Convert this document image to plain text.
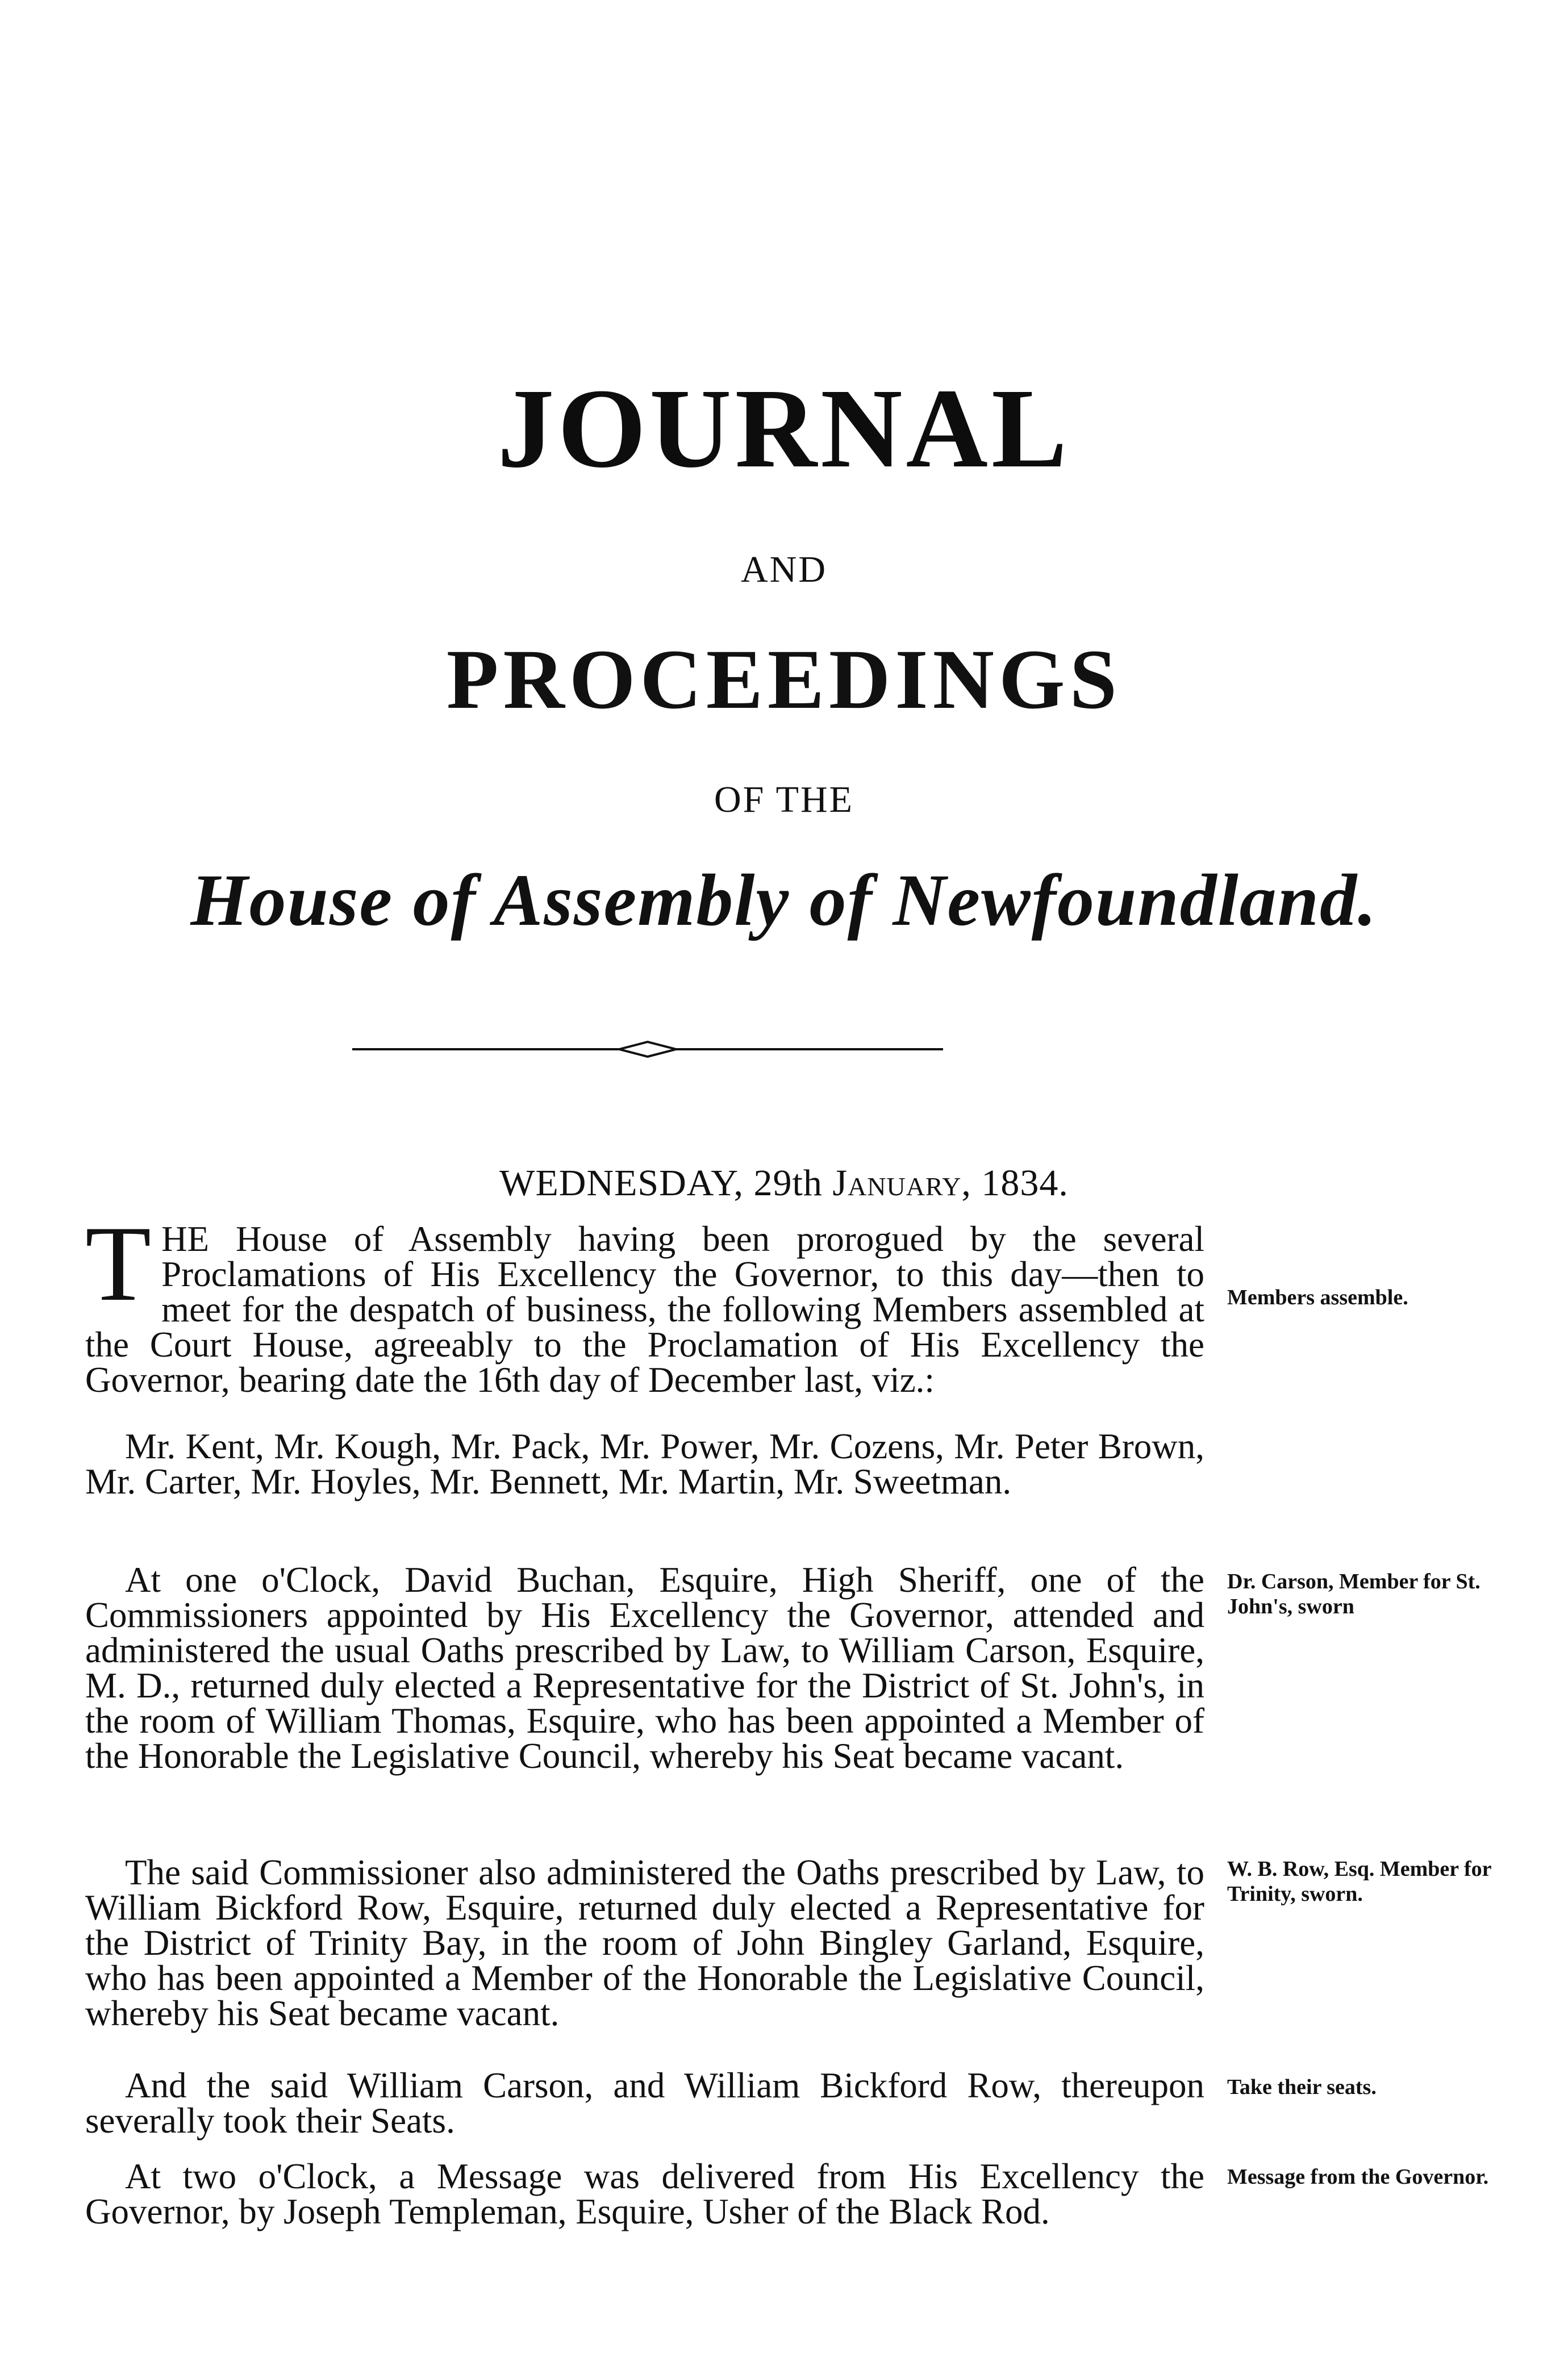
JOURNAL
AND
PROCEEDINGS
OF THE
House of Assembly of Newfoundland.
WEDNESDAY, 29th January, 1834.
T HE House of Assembly having been prorogued by the several Proclamations of His Excellency the Governor, to this day—then to meet for the despatch of business, the following Members assembled at the Court House, agreeably to the Proclamation of His Excellency the Governor, bearing date the 16th day of December last, viz.:
Mr. Kent, Mr. Kough, Mr. Pack, Mr. Power, Mr. Cozens, Mr. Peter Brown, Mr. Carter, Mr. Hoyles, Mr. Bennett, Mr. Martin, Mr. Sweetman.
At one o'Clock, David Buchan, Esquire, High Sheriff, one of the Commissioners appointed by His Excellency the Governor, attended and administered the usual Oaths prescribed by Law, to William Carson, Esquire, M. D., returned duly elected a Representative for the District of St. John's, in the room of William Thomas, Esquire, who has been appointed a Member of the Honorable the Legislative Council, whereby his Seat became vacant.
The said Commissioner also administered the Oaths prescribed by Law, to William Bickford Row, Esquire, returned duly elected a Representative for the District of Trinity Bay, in the room of John Bingley Garland, Esquire, who has been appointed a Member of the Honorable the Legislative Council, whereby his Seat became vacant.
And the said William Carson, and William Bickford Row, thereupon severally took their Seats.
At two o'Clock, a Message was delivered from His Excellency the Governor, by Joseph Templeman, Esquire, Usher of the Black Rod.
Members assemble.
Dr. Carson, Member for St. John's, sworn
W. B. Row, Esq. Member for Trinity, sworn.
Take their seats.
Message from the Governor.
